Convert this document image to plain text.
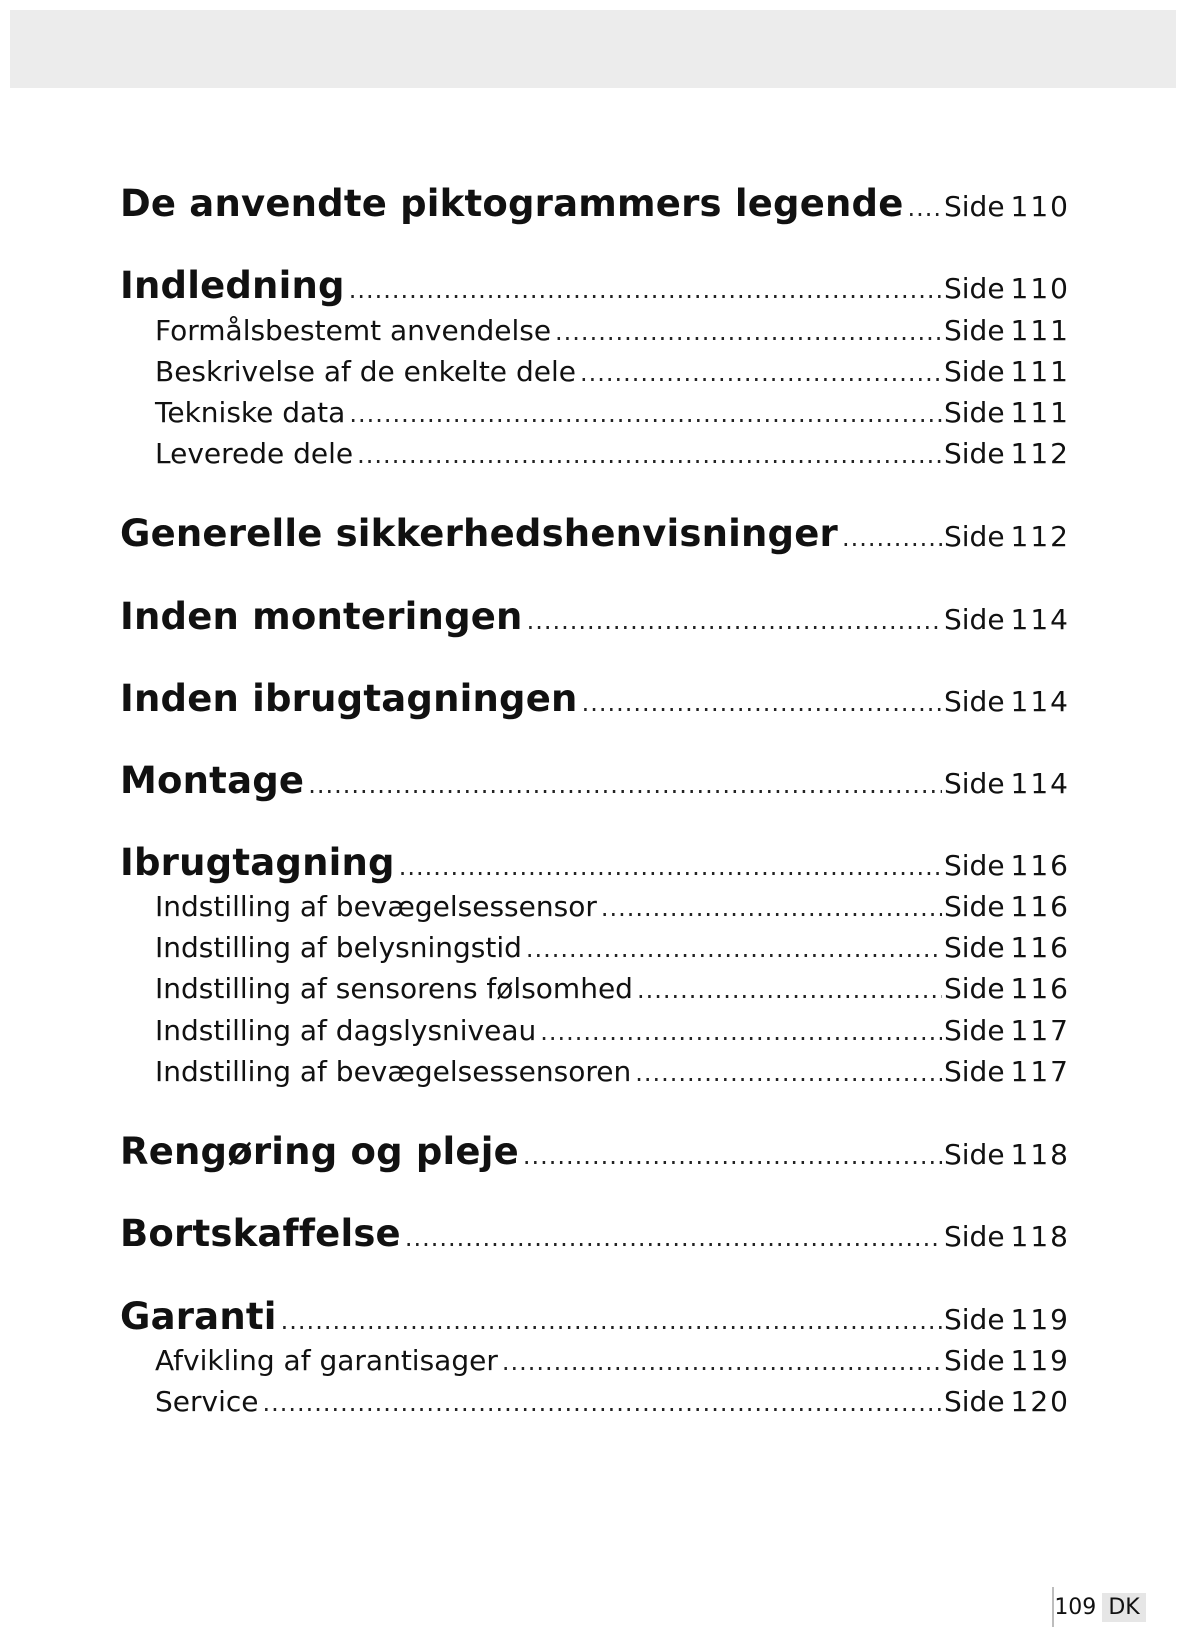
De anvendte piktogrammers legende ..... Side 110
Indledning .....	Side 110
Formålsbestemt anvendelse .....	Side 111
Beskrivelse af de enkelte dele .....	Side 111
Tekniske data .....	Side 111
Leverede dele .....	Side 112
Generelle sikkerhedshenvisninger .....	Side 112
Inden monteringen .....	Side 114
Inden ibrugtagningen .....	Side 114
Montage .....	Side 114
Ibrugtagning .....	Side 116
Indstilling af bevægelsessensor .....	Side 116
Indstilling af belysningstid .....	Side 116
Indstilling af sensorens følsomhed .....	Side 116
Indstilling af dagslysniveau .....	Side 117
Indstilling af bevægelsessensoren .....	Side 117
Rengøring og pleje .....	Side 118
Bortskaffelse .....	Side 118
Garanti .....	Side 119
Afvikling af garantisager .....	Side 119
Service .....	Side 120
109 DK
